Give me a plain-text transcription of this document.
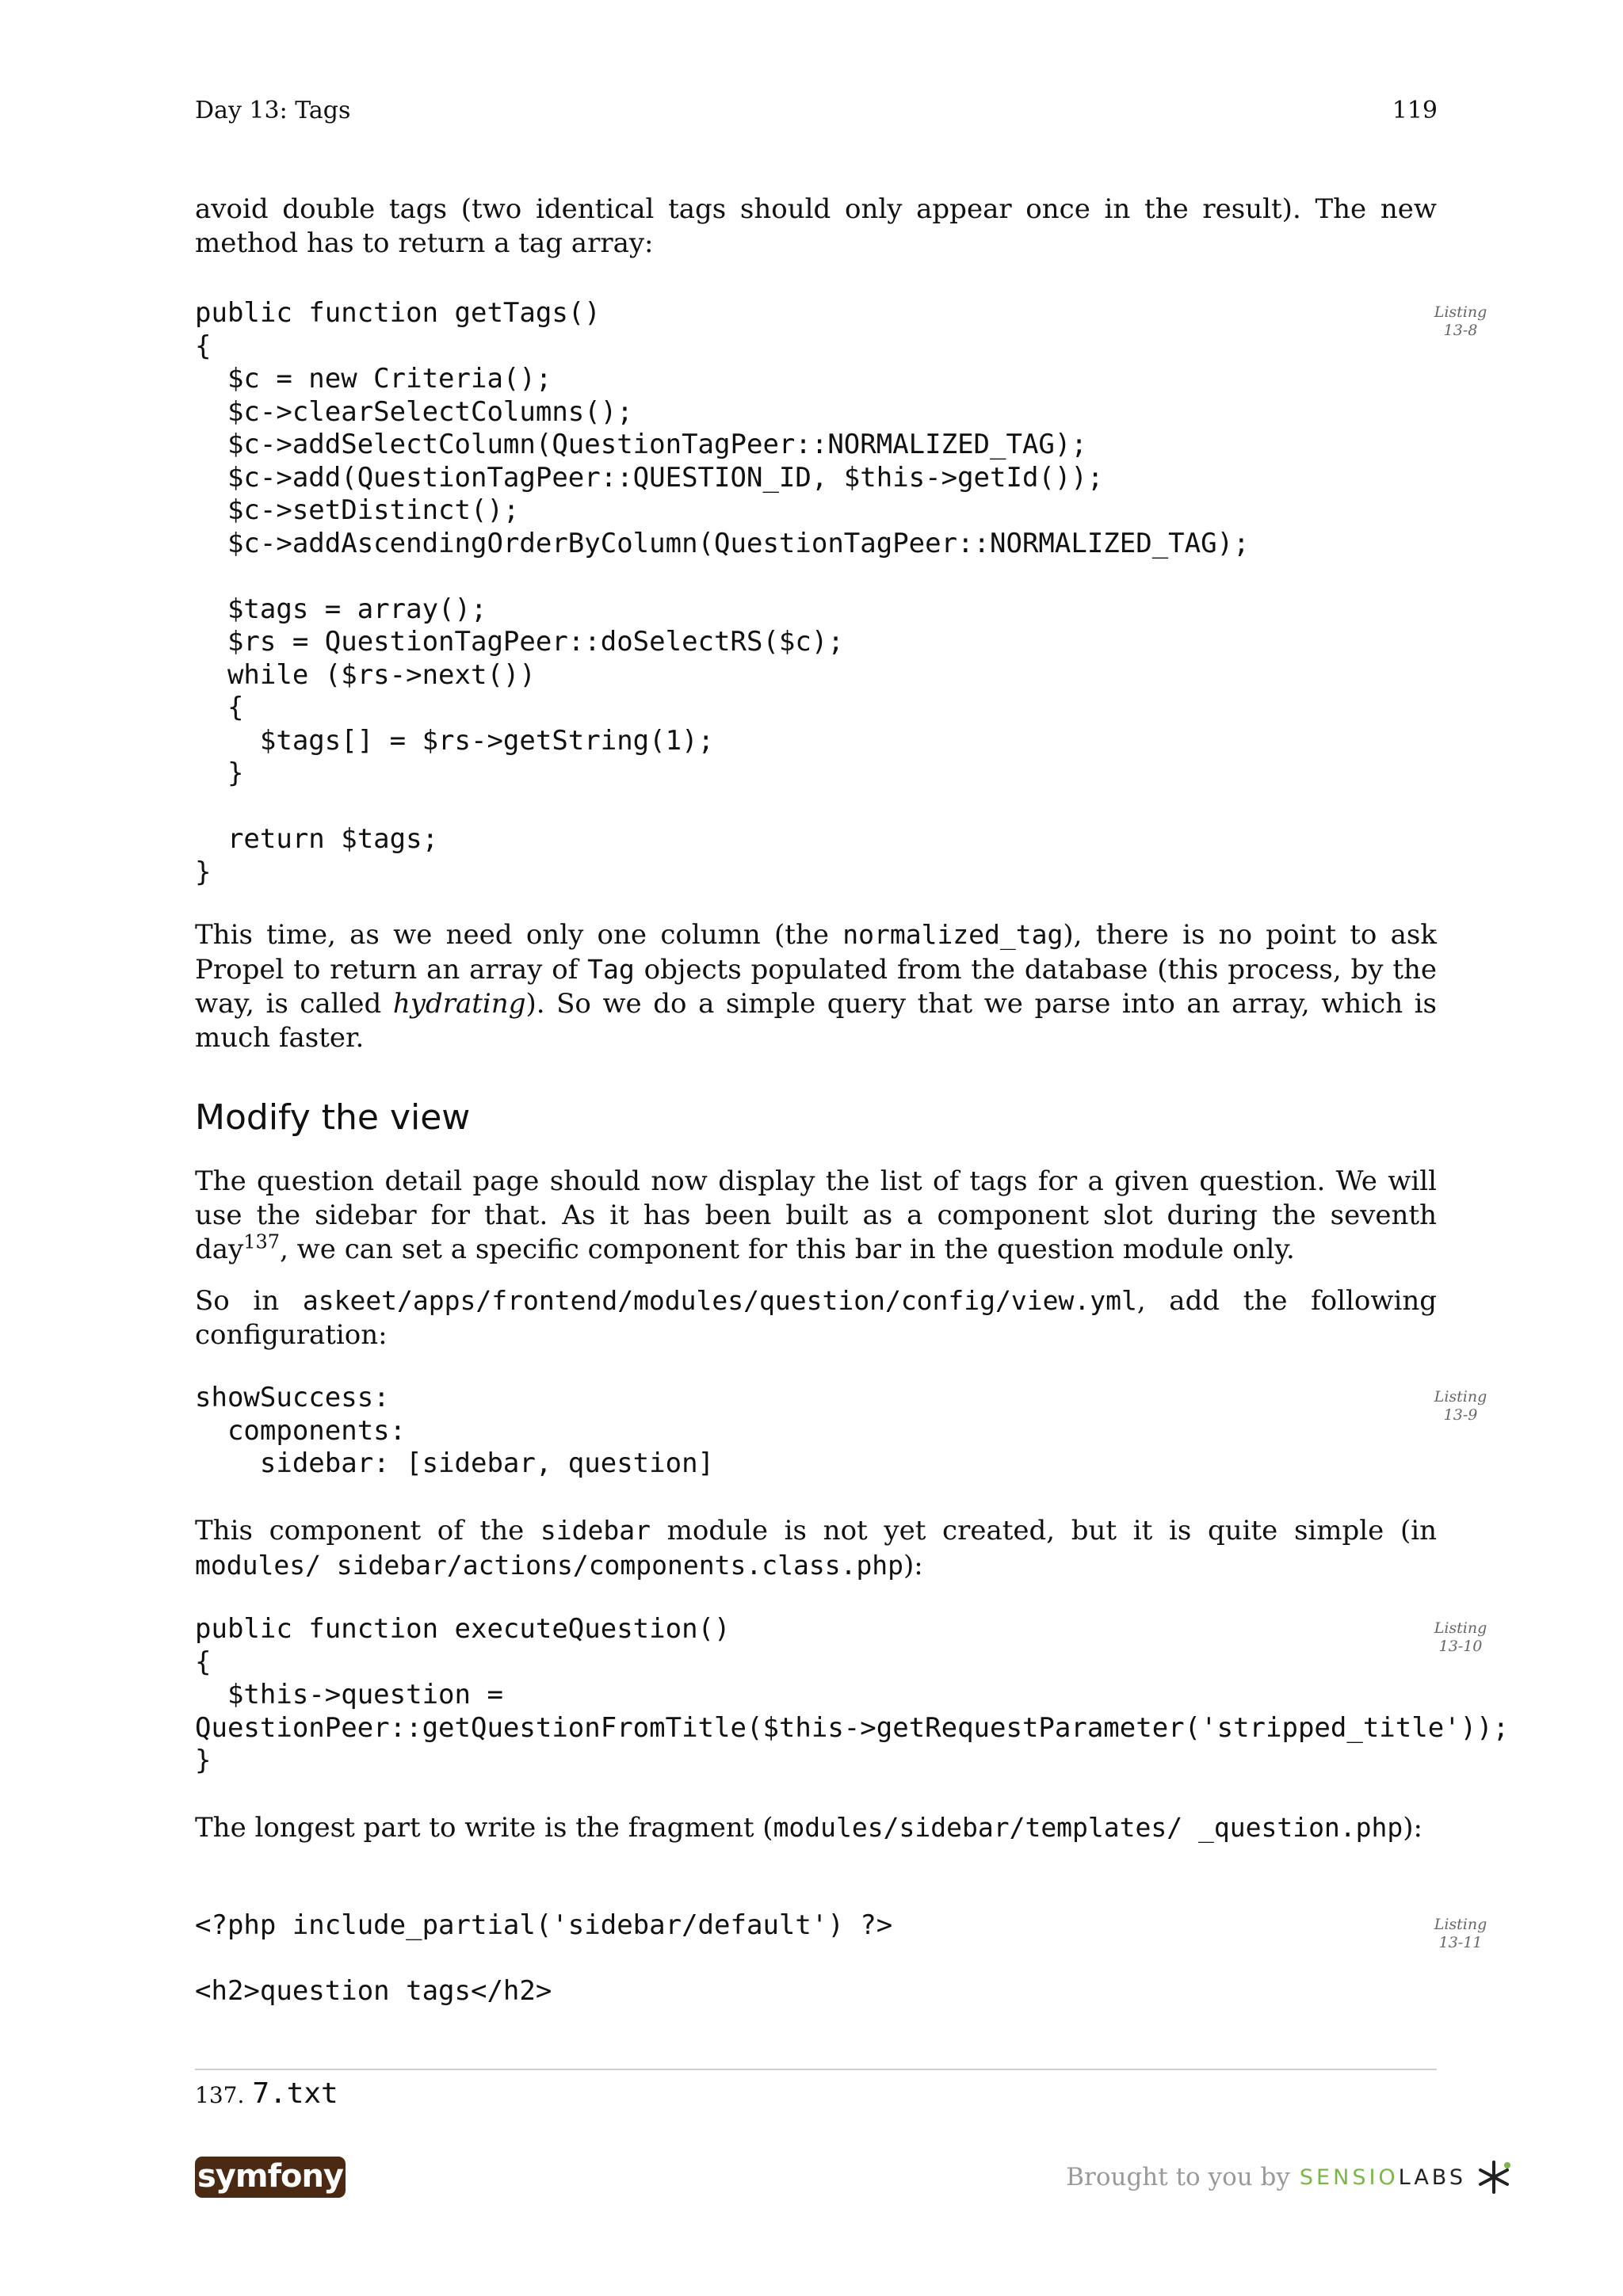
Day 13: Tags	119

avoid double tags (two identical tags should only appear once in the result). The new method has to return a tag array:

public function getTags()
{
$c = new Criteria();
$c->clearSelectColumns();
$c->addSelectColumn(QuestionTagPeer::NORMALIZED_TAG);
$c->add(QuestionTagPeer::QUESTION_ID, $this->getId());
$c->setDistinct();
$c->addAscendingOrderByColumn(QuestionTagPeer::NORMALIZED_TAG);

$tags = array();
$rs = QuestionTagPeer::doSelectRS($c);
while ($rs->next())
{
$tags[] = $rs->getString(1);
}

return $tags;
}
Listing
13-8

This time, as we need only one column (the normalized_tag), there is no point to ask Propel to return an array of Tag objects populated from the database (this process, by the way, is called hydrating). So we do a simple query that we parse into an array, which is much faster.

Modify the view

The question detail page should now display the list of tags for a given question. We will use the sidebar for that. As it has been built as a component slot during the seventh day$^{137}$, we can set a specific component for this bar in the question module only.

So in askeet/apps/frontend/modules/question/config/view.yml, add the following configuration:

showSuccess:
components:
sidebar: [sidebar, question]
Listing
13-9

This component of the sidebar module is not yet created, but it is quite simple (in modules/ sidebar/actions/components.class.php):

public function executeQuestion()
{
$this->question =
QuestionPeer::getQuestionFromTitle($this->getRequestParameter('stripped_title'));
}
Listing
13-10

The longest part to write is the fragment (modules/sidebar/templates/ _question.php):

<?php include_partial('sidebar/default') ?>

<h2>question tags</h2>
Listing
13-11
137. 7.txt
symfony	Brought to you by SENSIO LABS
